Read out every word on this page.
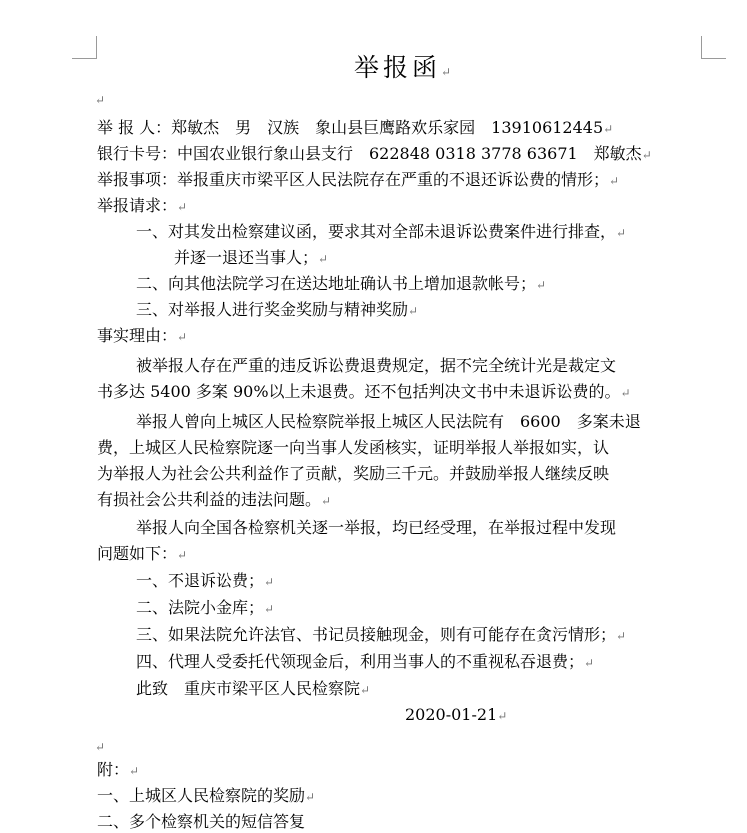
举报函↵
↵
举 报 人：郑敏杰　男　汉族　象山县巨鹰路欢乐家园　13910612445↵
银行卡号：中国农业银行象山县支行　622848 0318 3778 63671　郑敏杰↵
举报事项：举报重庆市梁平区人民法院存在严重的不退还诉讼费的情形；↵
举报请求：↵
一、对其发出检察建议函，要求其对全部未退诉讼费案件进行排查，↵
并逐一退还当事人；↵
二、向其他法院学习在送达地址确认书上增加退款帐号；↵
三、对举报人进行奖金奖励与精神奖励↵
事实理由：↵
被举报人存在严重的违反诉讼费退费规定，据不完全统计光是裁定文
书多达 5400 多案 90%以上未退费。还不包括判决文书中未退诉讼费的。↵
举报人曾向上城区人民检察院举报上城区人民法院有　6600　多案未退
费，上城区人民检察院逐一向当事人发函核实，证明举报人举报如实，认
为举报人为社会公共利益作了贡献，奖励三千元。并鼓励举报人继续反映
有损社会公共利益的违法问题。↵
举报人向全国各检察机关逐一举报，均已经受理，在举报过程中发现
问题如下：↵
一、不退诉讼费；↵
二、法院小金库；↵
三、如果法院允许法官、书记员接触现金，则有可能存在贪污情形；↵
四、代理人受委托代领现金后，利用当事人的不重视私吞退费；↵
此致　重庆市梁平区人民检察院↵
2020-01-21↵
↵
附：↵
一、上城区人民检察院的奖励↵
二、多个检察机关的短信答复
